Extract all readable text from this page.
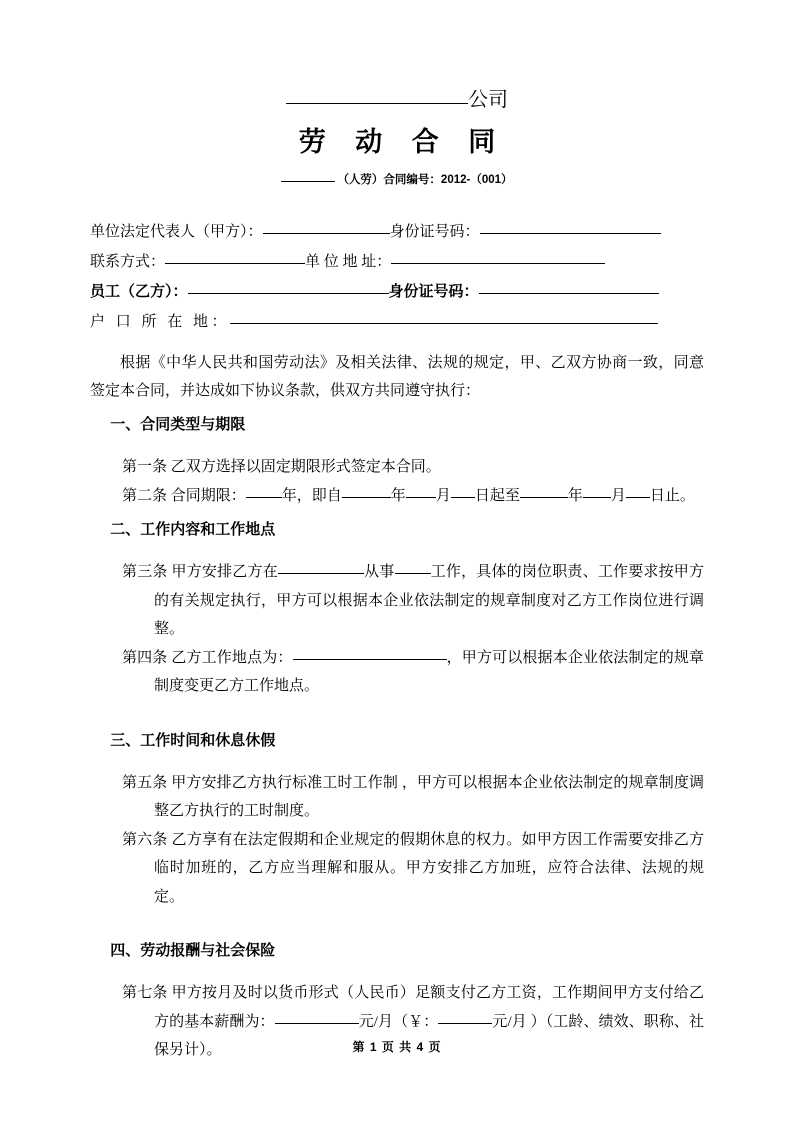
公司
劳 动 合 同
（人劳）合同编号：2012-（001）
单位法定代表人（甲方）：	身份证号码：
联系方式：	单 位 地 址：
员工（乙方）：	身份证号码：
户 口 所 在 地：
根据《中华人民共和国劳动法》及相关法律、法规的规定，甲、乙双方协商一致，同意签定本合同，并达成如下协议条款，供双方共同遵守执行：
一、合同类型与期限
第一条 乙双方选择以固定期限形式签定本合同。
第二条 合同期限： 年，即自	年 月 日起至	年 月 日止。
二、工作内容和工作地点
第三条 甲方安排乙方在	从事 工作，具体的岗位职责、工作要求按甲方的有关规定执行，甲方可以根据本企业依法制定的规章制度对乙方工作岗位进行调整。
第四条 乙方工作地点为：	，甲方可以根据本企业依法制定的规章制度变更乙方工作地点。
三、工作时间和休息休假
第五条 甲方安排乙方执行标准工时工作制 ，甲方可以根据本企业依法制定的规章制度调整乙方执行的工时制度。
第六条 乙方享有在法定假期和企业规定的假期休息的权力。如甲方因工作需要安排乙方临时加班的，乙方应当理解和服从。甲方安排乙方加班，应符合法律、法规的规定。
四、劳动报酬与社会保险
第七条 甲方按月及时以货币形式（人民币）足额支付乙方工资，工作期间甲方支付给乙方的基本薪酬为：	元/月（￥：	元/月 ）（工龄、绩效、职称、社保另计）。	第 1 页 共 4 页
